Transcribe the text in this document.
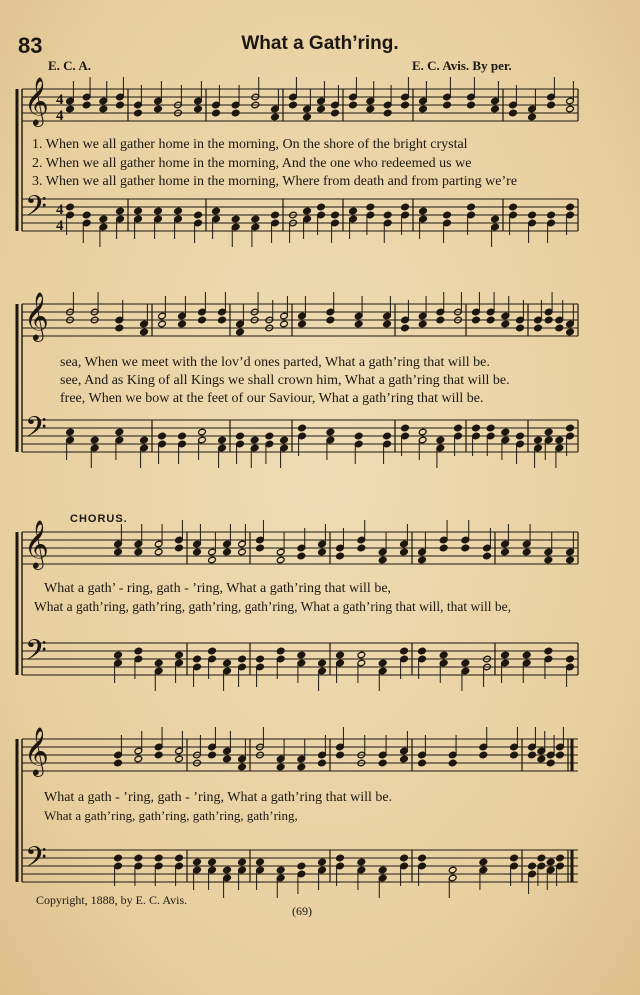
83	What a Gath’ring.
E. C. A.	E. C. Avis. By per.
𝄞
𝄢
4
4
4
4
𝄞
𝄢
𝄞
𝄢
𝄞
𝄢
1. When we all gather home in the morning, On the shore of the bright crystal
2. When we all gather home in the morning, And the one who redeemed us we
3. When we all gather home in the morning, Where from death and from parting we’re
sea, When we meet with the lov’d ones parted, What a gath’ring that will be.
see, And as King of all Kings we shall crown him, What a gath’ring that will be.
free, When we bow at the feet of our Saviour, What a gath’ring that will be.
CHORUS.
What a gath’ - ring, gath - ’ring, What a gath’ring that will be,
What a gath’ring, gath’ring, gath’ring, gath’ring, What a gath’ring that will, that will be,
What a gath - ’ring, gath - ’ring, What a gath’ring that will be.
What a gath’ring, gath’ring, gath’ring, gath’ring,
Copyright, 1888, by E. C. Avis.
(69)
